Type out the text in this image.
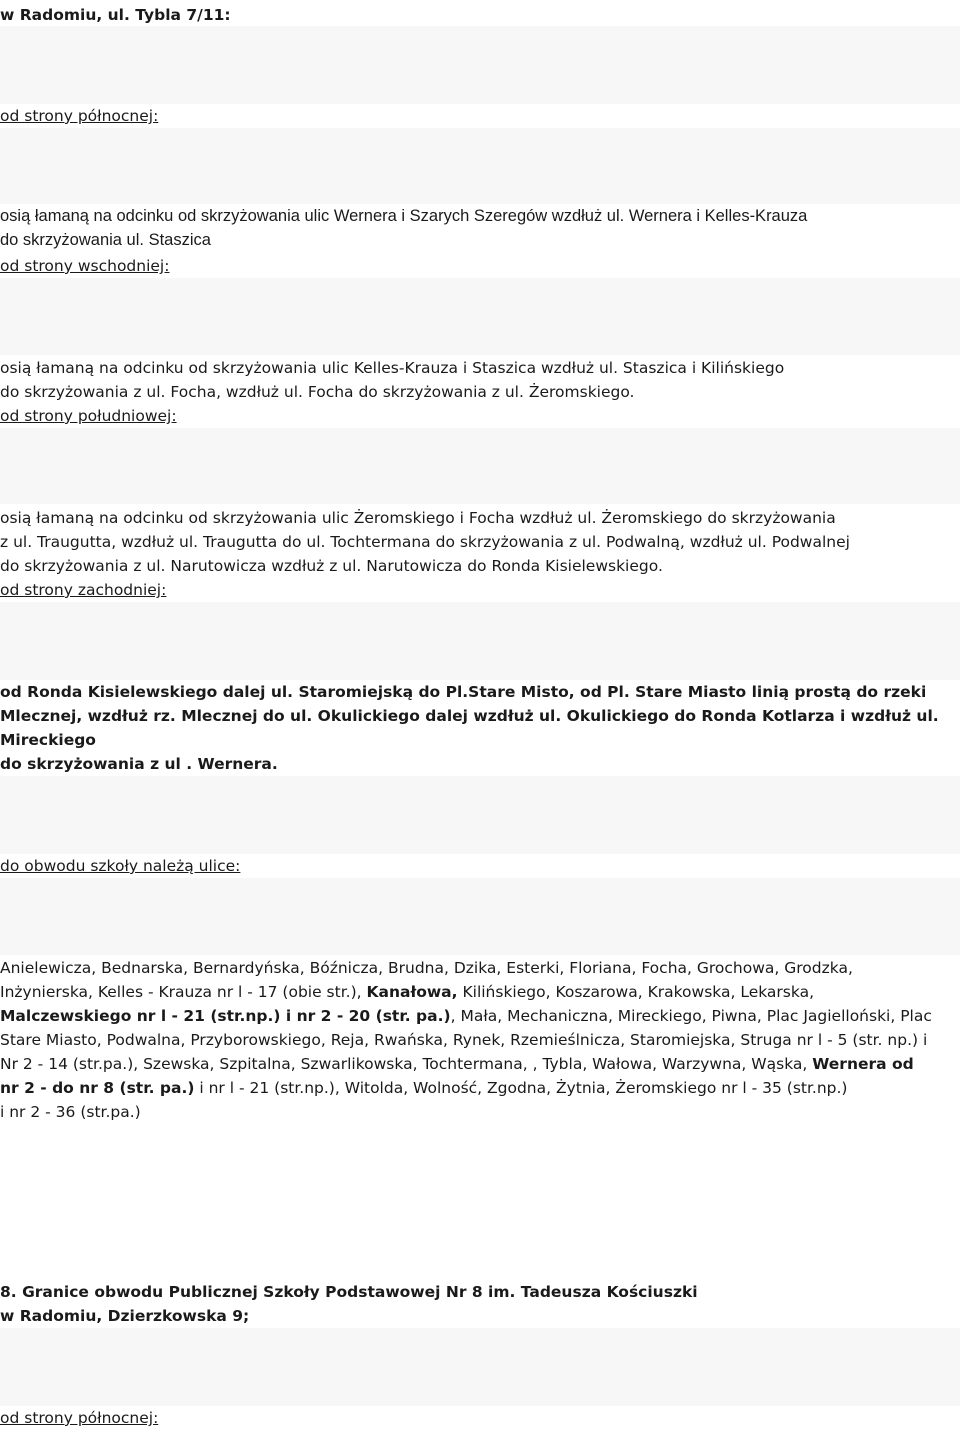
w Radomiu, ul. Tybla 7/11:
od strony północnej:

osią łamaną na odcinku od skrzyżowania ulic Wernera i Szarych Szeregów wzdłuż ul. Wernera i Kelles-Krauza

do skrzyżowania ul. Staszica

od strony wschodniej:

osią łamaną na odcinku od skrzyżowania ulic Kelles-Krauza i Staszica wzdłuż ul. Staszica i Kilińskiego

do skrzyżowania z ul. Focha, wzdłuż ul. Focha do skrzyżowania z ul. Żeromskiego.

od strony południowej:

osią łamaną na odcinku od skrzyżowania ulic Żeromskiego i Focha wzdłuż ul. Żeromskiego do skrzyżowania

z ul. Traugutta, wzdłuż ul. Traugutta do ul. Tochtermana do skrzyżowania z ul. Podwalną, wzdłuż ul. Podwalnej

do skrzyżowania z ul. Narutowicza wzdłuż z ul. Narutowicza do Ronda Kisielewskiego.

od strony zachodniej:

od Ronda Kisielewskiego dalej ul. Staromiejską do Pl.Stare Misto, od Pl. Stare Miasto linią prostą do rzeki

Mlecznej, wzdłuż rz. Mlecznej do ul. Okulickiego dalej wzdłuż ul. Okulickiego do Ronda Kotlarza i wzdłuż ul.

Mireckiego

do skrzyżowania z ul . Wernera.

do obwodu szkoły należą ulice:

Anielewicza, Bednarska, Bernardyńska, Bóźnicza, Brudna, Dzika, Esterki, Floriana, Focha, Grochowa, Grodzka,

Inżynierska, Kelles - Krauza nr l - 17 (obie str.), Kanałowa, Kilińskiego, Koszarowa, Krakowska, Lekarska,

Malczewskiego nr l - 21 (str.np.) i nr 2 - 20 (str. pa.), Mała, Mechaniczna, Mireckiego, Piwna, Plac Jagielloński, Plac

Stare Miasto, Podwalna, Przyborowskiego, Reja, Rwańska, Rynek, Rzemieślnicza, Staromiejska, Struga nr l - 5 (str. np.) i

Nr 2 - 14 (str.pa.), Szewska, Szpitalna, Szwarlikowska, Tochtermana, , Tybla, Wałowa, Warzywna, Wąska, Wernera od

nr 2 - do nr 8 (str. pa.) i nr l - 21 (str.np.), Witolda, Wolność, Zgodna, Żytnia, Żeromskiego nr l - 35 (str.np.)

i nr 2 - 36 (str.pa.)

8. Granice obwodu Publicznej Szkoły Podstawowej Nr 8 im. Tadeusza Kościuszki

w Radomiu, Dzierzkowska 9;

od strony północnej:
